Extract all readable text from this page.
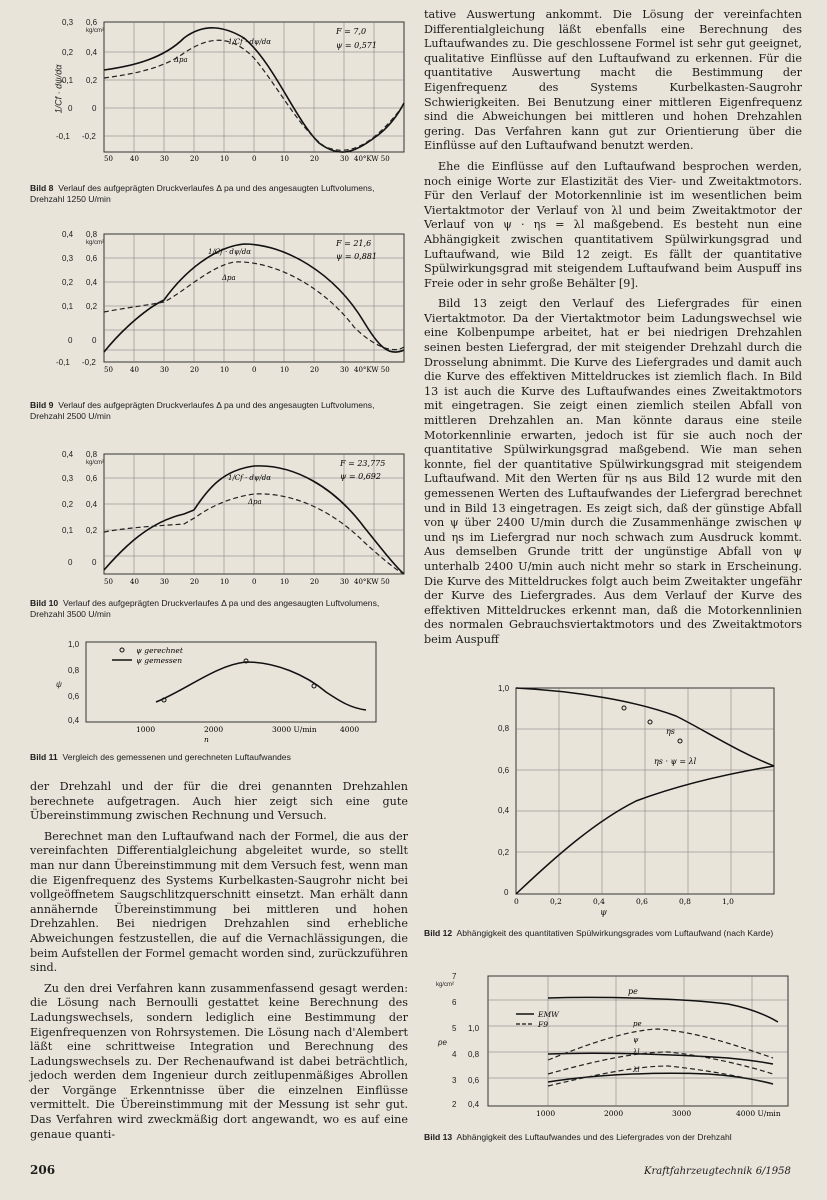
F = 7,0
ψ = 0,571
1/Cf · dψ/dα
Δpa
50 40	30	20	10	0	10	20	30 40°KW 50
0,3
0,2
0,1
0
-0,1
0,6
kg/cm²
0,4
0,2
0
-0,2
1/Cf · dψ/dα
Bild 8 Verlauf des aufgeprägten Druckverlaufes Δ pa und des angesaugten Luftvolumens, Drehzahl 1250 U/min
F = 21,6
ψ = 0,881
1/Cf · dψ/dα
Δpa
50 40	30	20	10	0	10	20	30 40°KW 50
0,4
0,3
0,2
0,1
0
-0,1
0,8
kg/cm²
0,6
0,4
0,2
0
-0,2
Bild 9 Verlauf des aufgeprägten Druckverlaufes Δ pa und des angesaugten Luftvolumens, Drehzahl 2500 U/min
F = 23,775
ψ = 0,692
1/Cf · dψ/dα
Δpa
50 40	30	20	10	0	10	20	30 40°KW 50
0,4
0,3
0,2
0,1
0
0,8
kg/cm²
0,6
0,4
0,2
0
Bild 10 Verlauf des aufgeprägten Druckverlaufes Δ pa und des angesaugten Luftvolumens, Drehzahl 3500 U/min
ψ gerechnet
ψ gemessen
1000	2000	3000 U/min	4000
n
1,0
0,8
0,6
0,4
ψ
Bild 11 Vergleich des gemessenen und gerechneten Luftaufwandes

der Drehzahl und der für die drei genannten Drehzahlen berechnete aufgetragen. Auch hier zeigt sich eine gute Übereinstimmung zwischen Rechnung und Versuch.

Berechnet man den Luftaufwand nach der Formel, die aus der vereinfachten Differentialgleichung abgeleitet wurde, so stellt man nur dann Übereinstimmung mit dem Versuch fest, wenn man die Eigenfrequenz des Systems Kurbelkasten-Saugrohr nicht bei vollgeöffnetem Saugschlitzquerschnitt einsetzt. Man erhält dann annähernde Übereinstimmung bei mittleren und hohen Drehzahlen. Bei niedrigen Drehzahlen sind erhebliche Abweichungen festzustellen, die auf die Vernachlässigungen, die beim Aufstellen der Formel gemacht worden sind, zurückzuführen sind.

Zu den drei Verfahren kann zusammenfassend gesagt werden: die Lösung nach Bernoulli gestattet keine Berechnung des Ladungswechsels, sondern lediglich eine Bestimmung der Eigenfrequenzen von Rohrsystemen. Die Lösung nach d'Alembert läßt eine schrittweise Integration und Berechnung des Ladungswechsels zu. Der Rechenaufwand ist dabei beträchtlich, jedoch werden dem Ingenieur durch zeitlupenmäßiges Abrollen der Vorgänge Erkenntnisse über die einzelnen Einflüsse vermittelt. Die Übereinstimmung mit der Messung ist sehr gut. Das Verfahren wird zweckmäßig dort angewandt, wo es auf eine genaue quanti-

tative Auswertung ankommt. Die Lösung der vereinfachten Differentialgleichung läßt ebenfalls eine Berechnung des Luftaufwandes zu. Die geschlossene Formel ist sehr gut geeignet, qualitative Einflüsse auf den Luftaufwand zu erkennen. Für die quantitative Auswertung macht die Bestimmung der Eigenfrequenz des Systems Kurbelkasten-Saugrohr Schwierigkeiten. Bei Benutzung einer mittleren Eigenfrequenz sind die Abweichungen bei mittleren und hohen Drehzahlen gering. Das Verfahren kann gut zur Orientierung über die Einflüsse auf den Luftaufwand benutzt werden.

Ehe die Einflüsse auf den Luftaufwand besprochen werden, noch einige Worte zur Elastizität des Vier- und Zweitaktmotors. Für den Verlauf der Motorkennlinie ist im wesentlichen beim Viertaktmotor der Verlauf von λl und beim Zweitaktmotor der Verlauf von ψ · ηs = λl maßgebend. Es besteht nun eine Abhängigkeit zwischen quantitativem Spülwirkungsgrad und Luftaufwand, wie Bild 12 zeigt. Es fällt der quantitative Spülwirkungsgrad mit steigendem Luftaufwand beim Auspuff ins Freie oder in sehr große Behälter [9].

Bild 13 zeigt den Verlauf des Liefergrades für einen Viertaktmotor. Da der Viertaktmotor beim Ladungswechsel wie eine Kolbenpumpe arbeitet, hat er bei niedrigen Drehzahlen seinen besten Liefergrad, der mit steigender Drehzahl durch die Drosselung abnimmt. Die Kurve des Liefergrades und damit auch die Kurve des effektiven Mitteldruckes ist ziemlich flach. In Bild 13 ist auch die Kurve des Luftaufwandes eines Zweitaktmotors mit eingetragen. Sie zeigt einen ziemlich steilen Abfall von mittleren Drehzahlen an. Man könnte daraus eine steile Motorkennlinie erwarten, jedoch ist für sie auch noch der quantitative Spülwirkungsgrad maßgebend. Wie man sehen konnte, fiel der quantitative Spülwirkungsgrad mit steigendem Luftaufwand. Mit den Werten für ηs aus Bild 12 wurde mit den gemessenen Werten des Luftaufwandes der Liefergrad berechnet und in Bild 13 eingetragen. Es zeigt sich, daß der günstige Abfall von ψ über 2400 U/min durch die Zusammenhänge zwischen ψ und ηs im Liefergrad nur noch schwach zum Ausdruck kommt. Aus demselben Grunde tritt der ungünstige Abfall von ψ unterhalb 2400 U/min auch nicht mehr so stark in Erscheinung. Die Kurve des Mitteldruckes folgt auch beim Zweitakter ungefähr der Kurve des Liefergrades. Aus dem Verlauf der Kurve des effektiven Mitteldruckes erkennt man, daß die Motorkennlinien des normalen Gebrauchsviertaktmotors und des Zweitaktmotors beim Auspuff

ηs
ηs · ψ = λl
0	0,2	0,4	0,6	0,8	1,0
1,0
0,8
0,6
0,4
0,2
0
ψ
Bild 12 Abhängigkeit des quantitativen Spülwirkungsgrades vom Luftaufwand (nach Karde)
EMW
F9
pe
pe
ψ
λl
λl
1000	2000	3000	4000 U/min
7
kg/cm²
6
5
4
3
2
pe
1,0
0,8
0,6
0,4
Bild 13 Abhängigkeit des Luftaufwandes und des Liefergrades von der Drehzahl
206	Kraftfahrzeugtechnik 6/1958
